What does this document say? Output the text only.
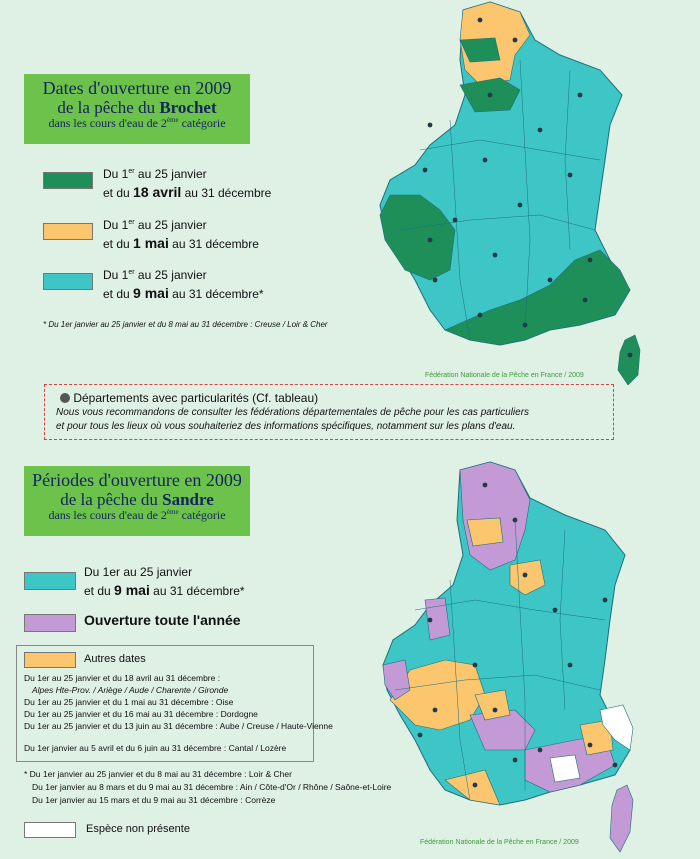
Dates d'ouverture en 2009
de la pêche du Brochet
dans les cours d'eau de 2ème catégorie
Du 1er au 25 janvier
et du 18 avril au 31 décembre
Du 1er au 25 janvier
et du 1 mai au 31 décembre
Du 1er au 25 janvier
et du 9 mai au 31 décembre*
* Du 1er janvier au 25 janvier et du 8 mai au 31 décembre : Creuse / Loir & Cher
Fédération Nationale de la Pêche en France / 2009
Départements avec particularités (Cf. tableau)
Nous vous recommandons de consulter les fédérations départementales de pêche pour les cas particuliers
et pour tous les lieux où vous souhaiteriez des informations spécifiques, notamment sur les plans d'eau.
Périodes d'ouverture en 2009
de la pêche du Sandre
dans les cours d'eau de 2ème catégorie
Du 1er au 25 janvier
et du 9 mai au 31 décembre*
Ouverture toute l'année
Autres dates
Du 1er au 25 janvier et du 18 avril au 31 décembre :
Alpes Hte-Prov. / Ariège / Aude / Charente / Gironde
Du 1er au 25 janvier et du 1 mai au 31 décembre : Oise
Du 1er au 25 janvier et du 16 mai au 31 décembre : Dordogne
Du 1er au 25 janvier et du 13 juin au 31 décembre : Aube / Creuse / Haute-Vienne
Du 1er janvier au 5 avril et du 6 juin au 31 décembre : Cantal / Lozère
* Du 1er janvier au 25 janvier et du 8 mai au 31 décembre : Loir & Cher
Du 1er janvier au 8 mars et du 9 mai au 31 décembre : Ain / Côte-d'Or / Rhône / Saône-et-Loire
Du 1er janvier au 15 mars et du 9 mai au 31 décembre : Corrèze
Espèce non présente
Fédération Nationale de la Pêche en France / 2009
